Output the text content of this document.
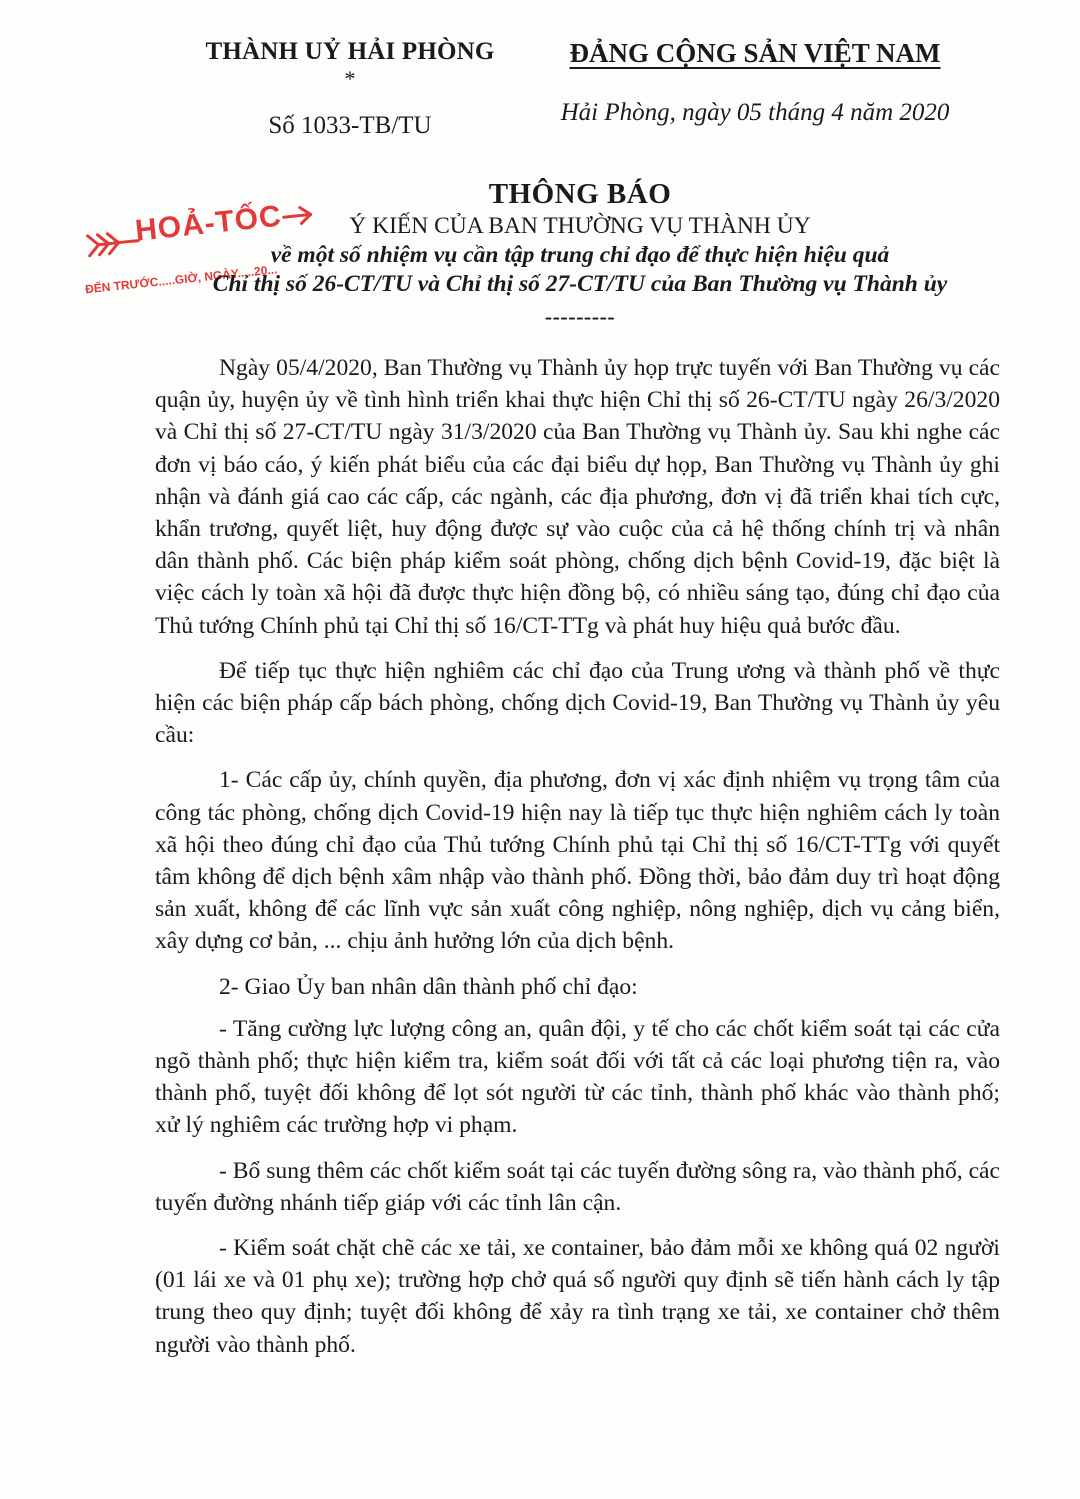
THÀNH UỶ HẢI PHÒNG
*
Số 1033-TB/TU
ĐẢNG CỘNG SẢN VIỆT NAM
Hải Phòng, ngày 05 tháng 4 năm 2020
HOẢ-TỐC
ĐẾN TRƯỚC.....GIỜ, NGÀY.....20...
THÔNG BÁO
Ý KIẾN CỦA BAN THƯỜNG VỤ THÀNH ỦY
về một số nhiệm vụ cần tập trung chỉ đạo để thực hiện hiệu quả
Chỉ thị số 26-CT/TU và Chỉ thị số 27-CT/TU của Ban Thường vụ Thành ủy
---------

Ngày 05/4/2020, Ban Thường vụ Thành ủy họp trực tuyến với Ban Thường vụ các quận ủy, huyện ủy về tình hình triển khai thực hiện Chỉ thị số 26-CT/TU ngày 26/3/2020 và Chỉ thị số 27-CT/TU ngày 31/3/2020 của Ban Thường vụ Thành ủy. Sau khi nghe các đơn vị báo cáo, ý kiến phát biểu của các đại biểu dự họp, Ban Thường vụ Thành ủy ghi nhận và đánh giá cao các cấp, các ngành, các địa phương, đơn vị đã triển khai tích cực, khẩn trương, quyết liệt, huy động được sự vào cuộc của cả hệ thống chính trị và nhân dân thành phố. Các biện pháp kiểm soát phòng, chống dịch bệnh Covid-19, đặc biệt là việc cách ly toàn xã hội đã được thực hiện đồng bộ, có nhiều sáng tạo, đúng chỉ đạo của Thủ tướng Chính phủ tại Chỉ thị số 16/CT-TTg và phát huy hiệu quả bước đầu.

Để tiếp tục thực hiện nghiêm các chỉ đạo của Trung ương và thành phố về thực hiện các biện pháp cấp bách phòng, chống dịch Covid-19, Ban Thường vụ Thành ủy yêu cầu:

1- Các cấp ủy, chính quyền, địa phương, đơn vị xác định nhiệm vụ trọng tâm của công tác phòng, chống dịch Covid-19 hiện nay là tiếp tục thực hiện nghiêm cách ly toàn xã hội theo đúng chỉ đạo của Thủ tướng Chính phủ tại Chỉ thị số 16/CT-TTg với quyết tâm không để dịch bệnh xâm nhập vào thành phố. Đồng thời, bảo đảm duy trì hoạt động sản xuất, không để các lĩnh vực sản xuất công nghiệp, nông nghiệp, dịch vụ cảng biển, xây dựng cơ bản, ... chịu ảnh hưởng lớn của dịch bệnh.

2- Giao Ủy ban nhân dân thành phố chỉ đạo:

- Tăng cường lực lượng công an, quân đội, y tế cho các chốt kiểm soát tại các cửa ngõ thành phố; thực hiện kiểm tra, kiểm soát đối với tất cả các loại phương tiện ra, vào thành phố, tuyệt đối không để lọt sót người từ các tỉnh, thành phố khác vào thành phố; xử lý nghiêm các trường hợp vi phạm.

- Bổ sung thêm các chốt kiểm soát tại các tuyến đường sông ra, vào thành phố, các tuyến đường nhánh tiếp giáp với các tỉnh lân cận.

- Kiểm soát chặt chẽ các xe tải, xe container, bảo đảm mỗi xe không quá 02 người (01 lái xe và 01 phụ xe); trường hợp chở quá số người quy định sẽ tiến hành cách ly tập trung theo quy định; tuyệt đối không để xảy ra tình trạng xe tải, xe container chở thêm người vào thành phố.
